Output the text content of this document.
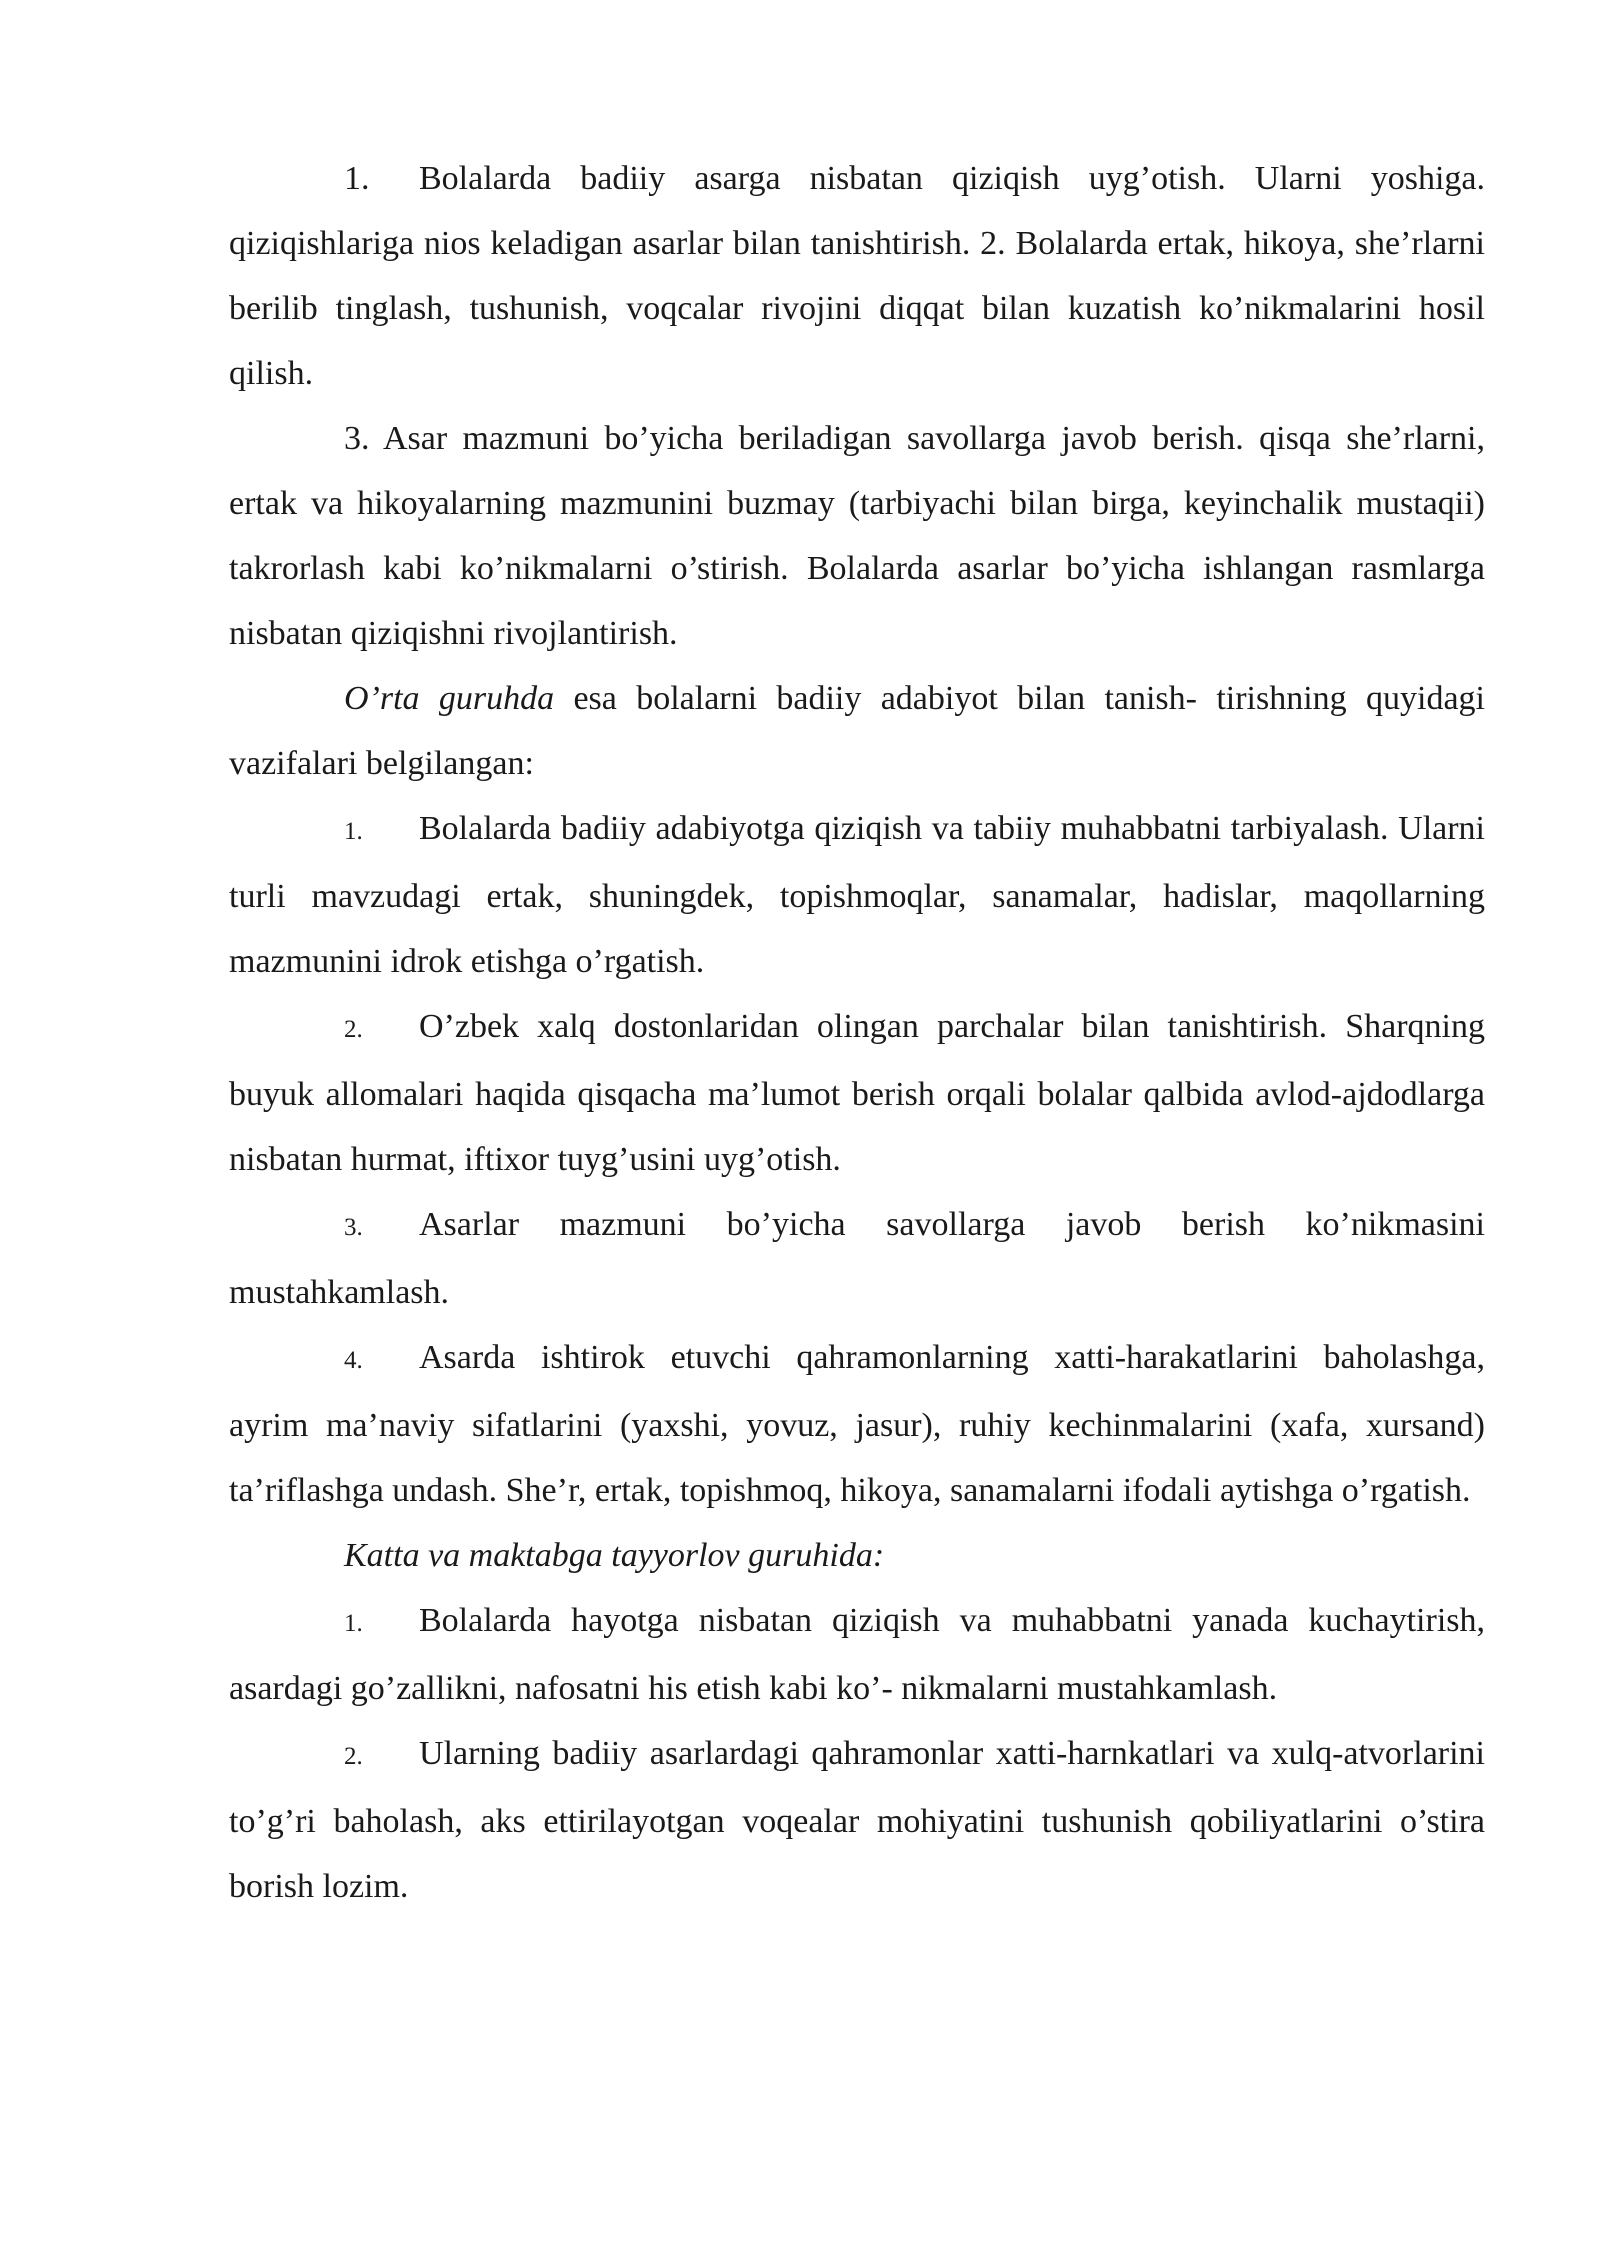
1. Bolalarda badiiy asarga nisbatan qiziqish uyg’otish. Ularni yoshiga. qiziqishlariga nios keladigan asarlar bilan tanishtirish. 2. Bolalarda ertak, hikoya, she’rlarni berilib tinglash, tushunish, voqcalar rivojini diqqat bilan kuzatish ko’nikmalarini hosil qilish.

3. Asar mazmuni bo’yicha beriladigan savollarga javob berish. qisqa she’rlarni, ertak va hikoyalarning mazmunini buzmay (tarbiyachi bilan birga, keyinchalik mustaqii) takrorlash kabi ko’nikmalarni o’stirish. Bolalarda asarlar bo’yicha ishlangan rasmlarga nisbatan qiziqishni rivojlantirish.

O’rta guruhda esa bolalarni badiiy adabiyot bilan tanish- tirishning quyidagi vazifalari belgilangan:

1. Bolalarda badiiy adabiyotga qiziqish va tabiiy muhabbatni tarbiyalash. Ularni turli mavzudagi ertak, shuningdek, topishmoqlar, sanamalar, hadislar, maqollarning mazmunini idrok etishga o’rgatish.

2. O’zbek xalq dostonlaridan olingan parchalar bilan tanishtirish. Sharqning buyuk allomalari haqida qisqacha ma’lumot berish orqali bolalar qalbida avlod-ajdodlarga nisbatan hurmat, iftixor tuyg’usini uyg’otish.

3. Asarlar mazmuni bo’yicha savollarga javob berish ko’nikmasini mustahkamlash.

4. Asarda ishtirok etuvchi qahramonlarning xatti-harakatlarini baholashga, ayrim ma’naviy sifatlarini (yaxshi, yovuz, jasur), ruhiy kechinmalarini (xafa, xursand) ta’riflashga undash. She’r, ertak, topishmoq, hikoya, sanamalarni ifodali aytishga o’rgatish.

Katta va maktabga tayyorlov guruhida:

1. Bolalarda hayotga nisbatan qiziqish va muhabbatni yanada kuchaytirish, asardagi go’zallikni, nafosatni his etish kabi ko’- nikmalarni mustahkamlash.

2. Ularning badiiy asarlardagi qahramonlar xatti-harnkatlari va xulq-atvorlarini to’g’ri baholash, aks ettirilayotgan voqealar mohiyatini tushunish qobiliyatlarini o’stira borish lozim.
